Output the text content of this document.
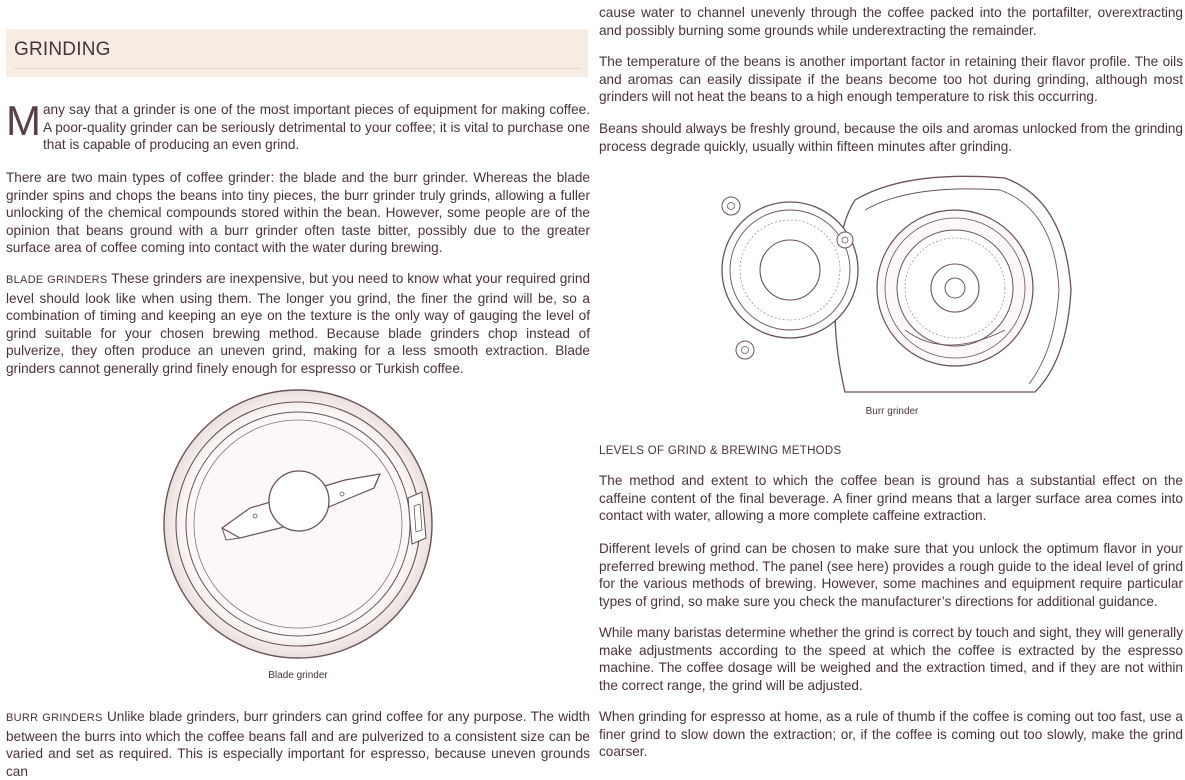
GRINDING

Many say that a grinder is one of the most important pieces of equipment for making coffee. A poor-quality grinder can be seriously detrimental to your coffee; it is vital to purchase one that is capable of producing an even grind.

There are two main types of coffee grinder: the blade and the burr grinder. Whereas the blade grinder spins and chops the beans into tiny pieces, the burr grinder truly grinds, allowing a fuller unlocking of the chemical compounds stored within the bean. However, some people are of the opinion that beans ground with a burr grinder often taste bitter, possibly due to the greater surface area of coffee coming into contact with the water during brewing.

BLADE GRINDERS These grinders are inexpensive, but you need to know what your required grind level should look like when using them. The longer you grind, the finer the grind will be, so a combination of timing and keeping an eye on the texture is the only way of gauging the level of grind suitable for your chosen brewing method. Because blade grinders chop instead of pulverize, they often produce an uneven grind, making for a less smooth extraction. Blade grinders cannot generally grind finely enough for espresso or Turkish coffee.

Blade grinder

BURR GRINDERS Unlike blade grinders, burr grinders can grind coffee for any purpose. The width between the burrs into which the coffee beans fall and are pulverized to a consistent size can be varied and set as required. This is especially important for espresso, because uneven grounds can

cause water to channel unevenly through the coffee packed into the portafilter, overextracting and possibly burning some grounds while underextracting the remainder.

The temperature of the beans is another important factor in retaining their flavor profile. The oils and aromas can easily dissipate if the beans become too hot during grinding, although most grinders will not heat the beans to a high enough temperature to risk this occurring.

Beans should always be freshly ground, because the oils and aromas unlocked from the grinding process degrade quickly, usually within fifteen minutes after grinding.

Burr grinder
LEVELS OF GRIND & BREWING METHODS

The method and extent to which the coffee bean is ground has a substantial effect on the caffeine content of the final beverage. A finer grind means that a larger surface area comes into contact with water, allowing a more complete caffeine extraction.

Different levels of grind can be chosen to make sure that you unlock the optimum flavor in your preferred brewing method. The panel (see here) provides a rough guide to the ideal level of grind for the various methods of brewing. However, some machines and equipment require particular types of grind, so make sure you check the manufacturer’s directions for additional guidance.

While many baristas determine whether the grind is correct by touch and sight, they will generally make adjustments according to the speed at which the coffee is extracted by the espresso machine. The coffee dosage will be weighed and the extraction timed, and if they are not within the correct range, the grind will be adjusted.

When grinding for espresso at home, as a rule of thumb if the coffee is coming out too fast, use a finer grind to slow down the extraction; or, if the coffee is coming out too slowly, make the grind coarser.
